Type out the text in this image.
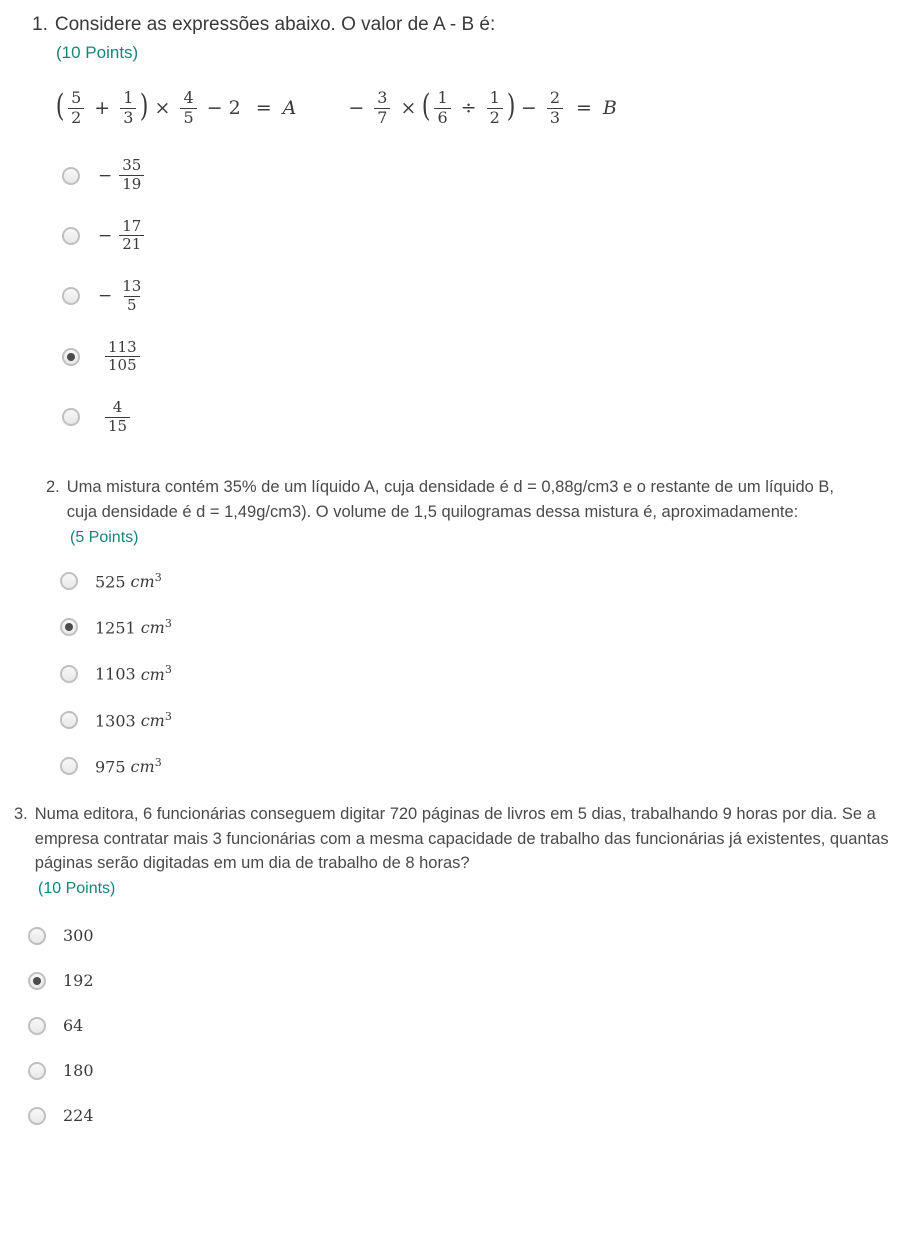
1. Considere as expressões abaixo. O valor de A - B é:
(10 Points)
( $\frac{5}{2} + \frac{1}{3}$ ) × $\frac{4}{5} - 2 = A$	− $\frac{3}{7}$ × ( $\frac{1}{6} \div \frac{1}{2}$ ) − $\frac{2}{3} = B$
− $\frac{35}{19}$
− $\frac{17}{21}$
− $\frac{13}{5}$
$\frac{113}{105}$
$\frac{4}{15}$
2. Uma mistura contém 35% de um líquido A, cuja densidade é d = 0,88g/cm3 e o restante de um líquido B, cuja densidade é d = 1,49g/cm3). O volume de 1,5 quilogramas dessa mistura é, aproximadamente:
(5 Points)
525 $cm^3$
1251 $cm^3$
1103 $cm^3$
1303 $cm^3$
975 $cm^3$
3. Numa editora, 6 funcionárias conseguem digitar 720 páginas de livros em 5 dias, trabalhando 9 horas por dia. Se a empresa contratar mais 3 funcionárias com a mesma capacidade de trabalho das funcionárias já existentes, quantas páginas serão digitadas em um dia de trabalho de 8 horas?
(10 Points)
300
192
64
180
224
